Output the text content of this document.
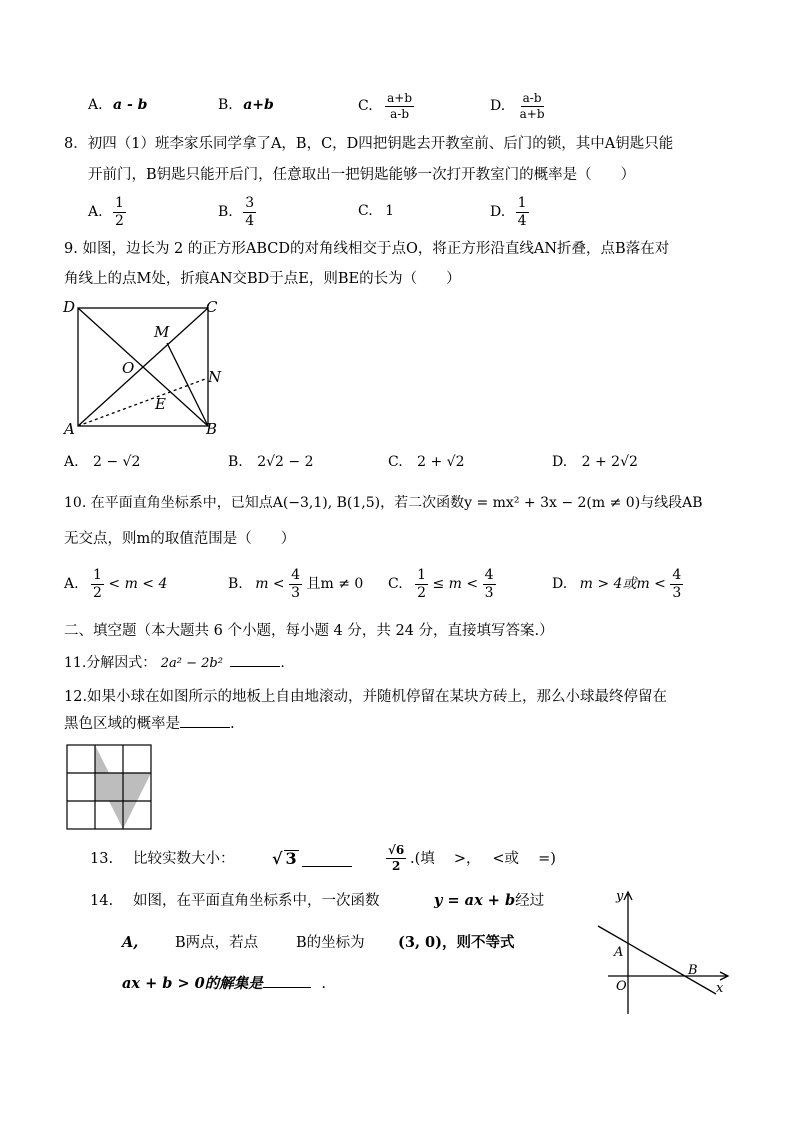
A. a - b	B. a+b	C. $\frac{a+b}{a-b}$	D. $\frac{a-b}{a+b}$
8．初四（1）班李家乐同学拿了A，B，C，D四把钥匙去开教室前、后门的锁，其中A钥匙只能
开前门，B钥匙只能开后门，任意取出一把钥匙能够一次打开教室门的概率是（　　）
A. $\frac{1}{2}$	B. $\frac{3}{4}$	C. 1	D. $\frac{1}{4}$
9. 如图，边长为 2 的正方形ABCD的对角线相交于点O，将正方形沿直线AN折叠，点B落在对
角线上的点M处，折痕AN交BD于点E，则BE的长为（　　）
D	C
M
O	N
E
A	B
A. 2 − √2	B. 2√2 − 2	C. 2 + √2	D. 2 + 2√2
10. 在平面直角坐标系中，已知点A(−3,1), B(1,5)，若二次函数y = mx² + 3x − 2(m ≠ 0)与线段AB
无交点，则m的取值范围是（　　）
A. $\frac{1}{2} < m < 4$	B. $m < \frac{4}{3}$ 且m ≠ 0 C. $\frac{1}{2} \le m < \frac{4}{3}$	D. m > 4或$m < \frac{4}{3}$
二、填空题（本大题共 6 个小题，每小题 4 分，共 24 分，直接填写答案.）
11.分解因式： 2a² − 2b²	.
12.如果小球在如图所示的地板上自由地滚动，并随机停留在某块方砖上，那么小球最终停留在
黑色区域的概率是	.
13. 比较实数大小： √ 3	$\frac{√6}{2}$ .(填　 >，　 <或　 =)
14. 如图，在平面直角坐标系中，一次函数	y = ax + b经过
A,	B两点，若点	B的坐标为 (3, 0)，则不等式
ax + b > 0的解集是	.
y
A
B
O	x
